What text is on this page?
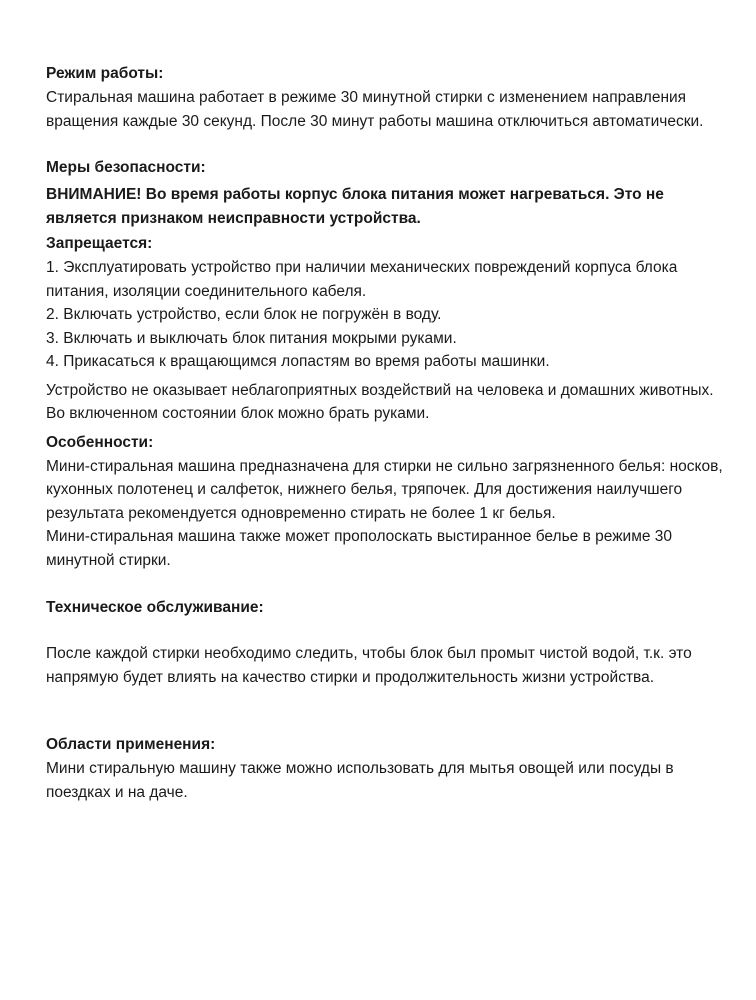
Режим работы:

Стиральная машина работает в режиме 30 минутной стирки с изменением направления вращения каждые 30 секунд. После 30 минут работы машина отключиться автоматически.

Меры безопасности:

ВНИМАНИЕ! Во время работы корпус блока питания может нагреваться. Это не является признаком неисправности устройства.

Запрещается:

1. Эксплуатировать устройство при наличии механических повреждений корпуса блока питания, изоляции соединительного кабеля.
2. Включать устройство, если блок не погружён в воду.
3. Включать и выключать блок питания мокрыми руками.
4. Прикасаться к вращающимся лопастям во время работы машинки.

Устройство не оказывает неблагоприятных воздействий на человека и домашних животных. Во включенном состоянии блок можно брать руками.

Особенности:

Мини-стиральная машина предназначена для стирки не сильно загрязненного белья: носков, кухонных полотенец и салфеток, нижнего белья, тряпочек. Для достижения наилучшего результата рекомендуется одновременно стирать не более 1 кг белья.

Мини-стиральная машина также может прополоскать выстиранное белье в режиме 30 минутной стирки.

Техническое обслуживание:

После каждой стирки необходимо следить, чтобы блок был промыт чистой водой, т.к. это напрямую будет влиять на качество стирки и продолжительность жизни устройства.

Области применения:

Мини стиральную машину также можно использовать для мытья овощей или посуды в поездках и на даче.
